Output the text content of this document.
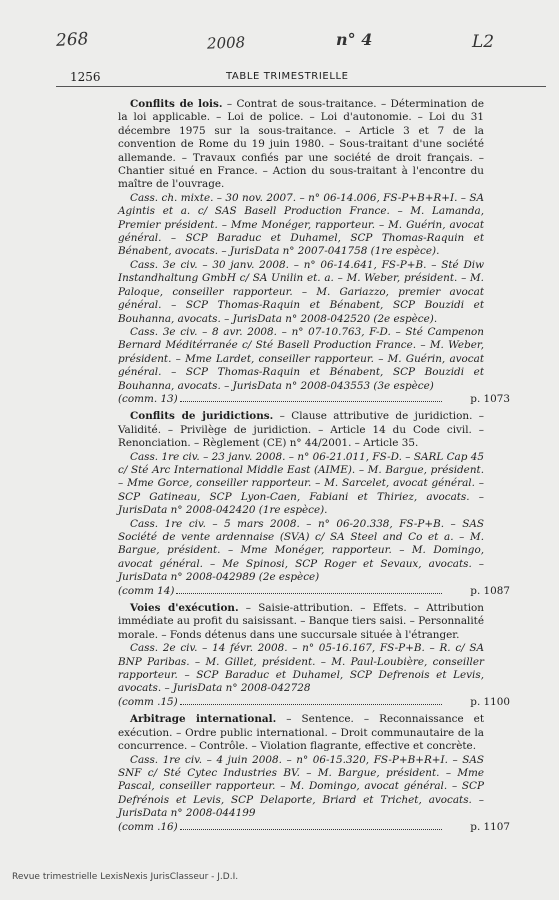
268	2008	n° 4	L2
1256	TABLE TRIMESTRIELLE
Conflits de lois. – Contrat de sous-traitance. – Détermination de la loi applicable. – Loi de police. – Loi d'autonomie. – Loi du 31 décembre 1975 sur la sous-traitance. – Article 3 et 7 de la convention de Rome du 19 juin 1980. – Sous-traitant d'une société allemande. – Travaux confiés par une société de droit français. – Chantier situé en France. – Action du sous-traitant à l'encontre du maître de l'ouvrage.
Cass. ch. mixte. – 30 nov. 2007. – n° 06-14.006, FS-P+B+R+I. – SA Agintis et a. c/ SAS Basell Production France. – M. Lamanda, Premier président. – Mme Monéger, rapporteur. – M. Guérin, avocat général. – SCP Baraduc et Duhamel, SCP Thomas-Raquin et Bénabent, avocats. – JurisData n° 2007-041758 (1re espèce).
Cass. 3e civ. – 30 janv. 2008. – n° 06-14.641, FS-P+B. – Sté Diw Instandhaltung GmbH c/ SA Unilin et. a. – M. Weber, président. – M. Paloque, conseiller rapporteur. – M. Gariazzo, premier avocat général. – SCP Thomas-Raquin et Bénabent, SCP Bouzidi et Bouhanna, avocats. – JurisData n° 2008-042520 (2e espèce).
Cass. 3e civ. – 8 avr. 2008. – n° 07-10.763, F-D. – Sté Campenon Bernard Méditérranée c/ Sté Basell Production France. – M. Weber, président. – Mme Lardet, conseiller rapporteur. – M. Guérin, avocat général. – SCP Thomas-Raquin et Bénabent, SCP Bouzidi et Bouhanna, avocats. – JurisData n° 2008-043553 (3e espèce)
(comm. 13)	p. 1073
Conflits de juridictions. – Clause attributive de juridiction. – Validité. – Privilège de juridiction. – Article 14 du Code civil. – Renonciation. – Règlement (CE) n° 44/2001. – Article 35.
Cass. 1re civ. – 23 janv. 2008. – n° 06-21.011, FS-D. – SARL Cap 45 c/ Sté Arc International Middle East (AIME). – M. Bargue, président. – Mme Gorce, conseiller rapporteur. – M. Sarcelet, avocat général. – SCP Gatineau, SCP Lyon-Caen, Fabiani et Thiriez, avocats. – JurisData n° 2008-042420 (1re espèce).
Cass. 1re civ. – 5 mars 2008. – n° 06-20.338, FS-P+B. – SAS Société de vente ardennaise (SVA) c/ SA Steel and Co et a. – M. Bargue, président. – Mme Monéger, rapporteur. – M. Domingo, avocat général. – Me Spinosi, SCP Roger et Sevaux, avocats. – JurisData n° 2008-042989 (2e espèce)
(comm 14)	p. 1087
Voies d'exécution. – Saisie-attribution. – Effets. – Attribution immédiate au profit du saisissant. – Banque tiers saisi. – Personnalité morale. – Fonds détenus dans une succursale située à l'étranger.
Cass. 2e civ. – 14 févr. 2008. – n° 05-16.167, FS-P+B. – R. c/ SA BNP Paribas. – M. Gillet, président. – M. Paul-Loubière, conseiller rapporteur. – SCP Baraduc et Duhamel, SCP Defrenois et Levis, avocats. – JurisData n° 2008-042728
(comm .15)	p. 1100
Arbitrage international. – Sentence. – Reconnaissance et exécution. – Ordre public international. – Droit communautaire de la concurrence. – Contrôle. – Violation flagrante, effective et concrète.
Cass. 1re civ. – 4 juin 2008. – n° 06-15.320, FS-P+B+R+I. – SAS SNF c/ Sté Cytec Industries BV. – M. Bargue, président. – Mme Pascal, conseiller rapporteur. – M. Domingo, avocat général. – SCP Defrénois et Levis, SCP Delaporte, Briard et Trichet, avocats. – JurisData n° 2008-044199
(comm .16)	p. 1107
Revue trimestrielle LexisNexis JurisClasseur - J.D.I.
